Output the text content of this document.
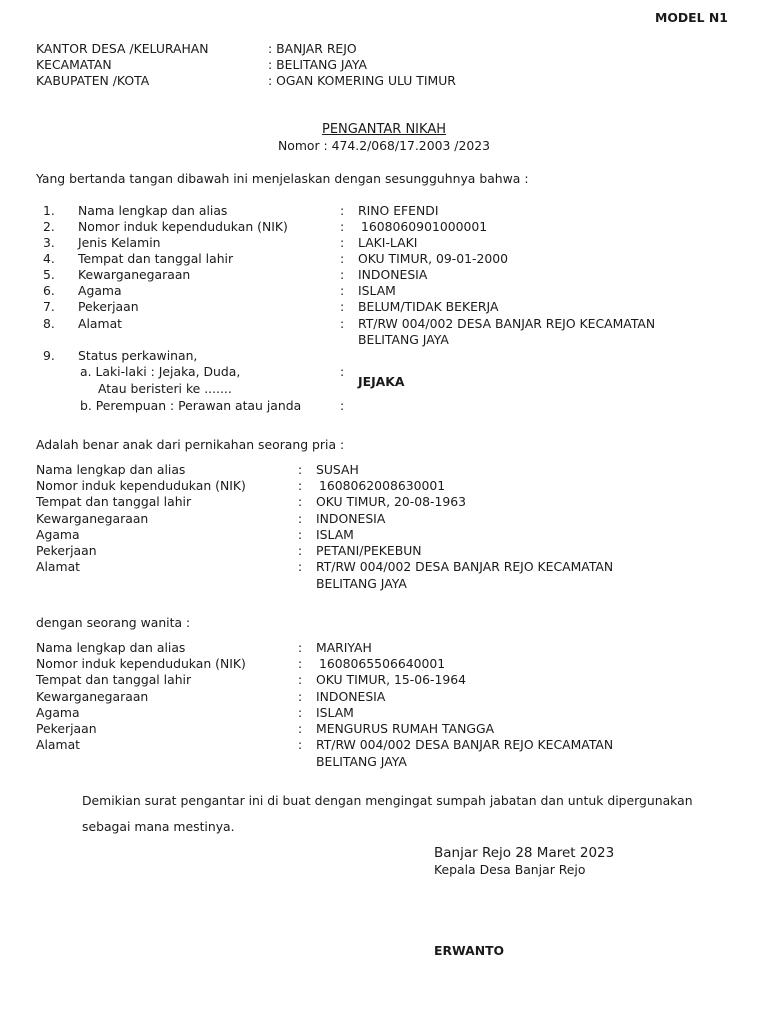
MODEL N1
KANTOR DESA /KELURAHAN	: BANJAR REJO
KECAMATAN	: BELITANG JAYA
KABUPATEN /KOTA	: OGAN KOMERING ULU TIMUR
PENGANTAR NIKAH
Nomor : 474.2/068/17.2003 /2023
Yang bertanda tangan dibawah ini menjelaskan dengan sesungguhnya bahwa :
1. Nama lengkap dan alias	: RINO EFENDI
2. Nomor induk kependudukan (NIK)	: 1608060901000001
3. Jenis Kelamin	: LAKI-LAKI
4. Tempat dan tanggal lahir	: OKU TIMUR, 09-01-2000
5. Kewarganegaraan	: INDONESIA
6. Agama	: ISLAM
7. Pekerjaan	: BELUM/TIDAK BEKERJA
8. Alamat	: RT/RW 004/002 DESA BANJAR REJO KECAMATAN
BELITANG JAYA
9. Status perkawinan,
a. Laki-laki : Jejaka, Duda,	:
Atau beristeri ke .......	JEJAKA
b. Perempuan : Perawan atau janda	:
Adalah benar anak dari pernikahan seorang pria :
Nama lengkap dan alias	: SUSAH
Nomor induk kependudukan (NIK)	: 1608062008630001
Tempat dan tanggal lahir	: OKU TIMUR, 20-08-1963
Kewarganegaraan	: INDONESIA
Agama	: ISLAM
Pekerjaan	: PETANI/PEKEBUN
Alamat	: RT/RW 004/002 DESA BANJAR REJO KECAMATAN
BELITANG JAYA
dengan seorang wanita :
Nama lengkap dan alias	: MARIYAH
Nomor induk kependudukan (NIK)	: 1608065506640001
Tempat dan tanggal lahir	: OKU TIMUR, 15-06-1964
Kewarganegaraan	: INDONESIA
Agama	: ISLAM
Pekerjaan	: MENGURUS RUMAH TANGGA
Alamat	: RT/RW 004/002 DESA BANJAR REJO KECAMATAN
BELITANG JAYA
Demikian surat pengantar ini di buat dengan mengingat sumpah jabatan dan untuk dipergunakan
sebagai mana mestinya.
Banjar Rejo 28 Maret 2023
Kepala Desa Banjar Rejo
ERWANTO
